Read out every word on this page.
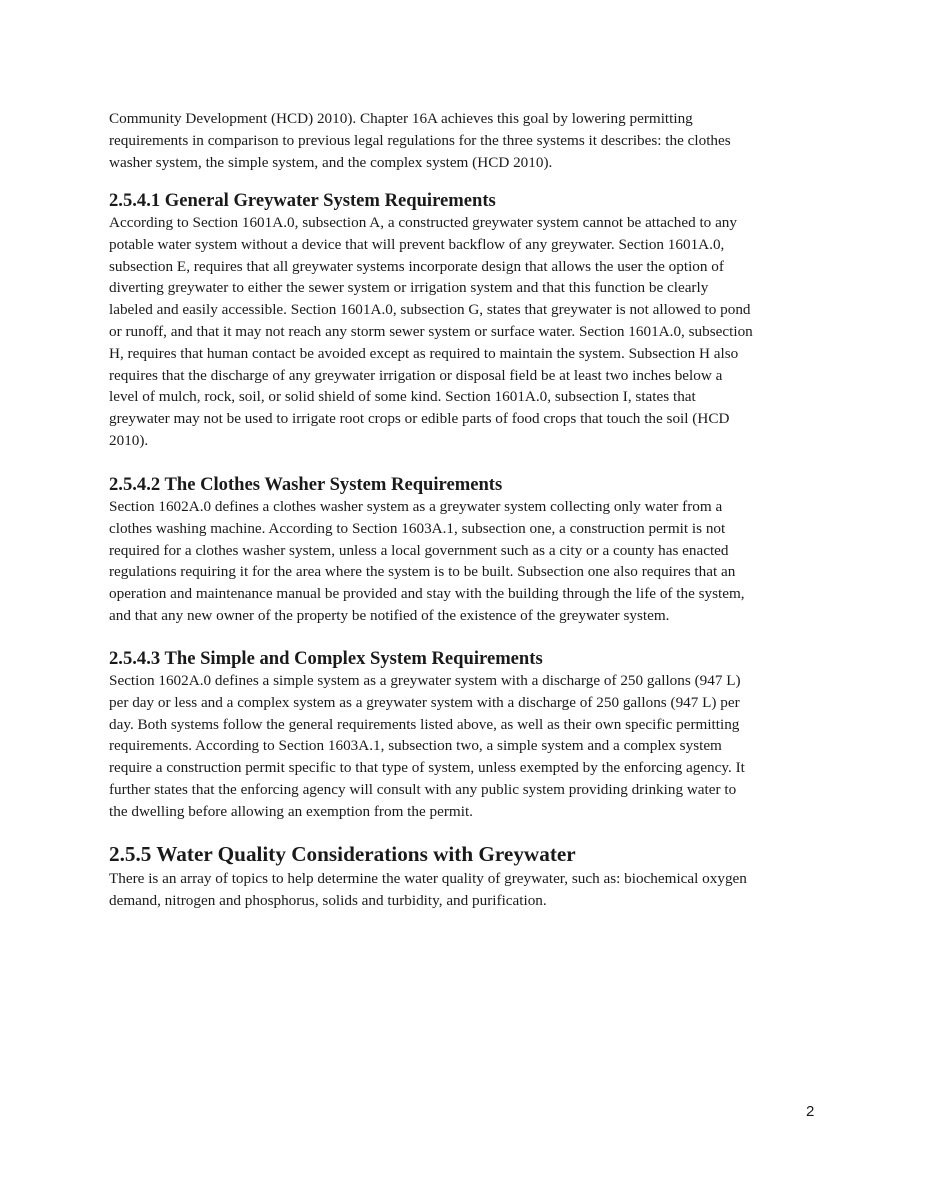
Community Development (HCD) 2010). Chapter 16A achieves this goal by lowering permitting
requirements in comparison to previous legal regulations for the three systems it describes: the clothes
washer system, the simple system, and the complex system (HCD 2010).
2.5.4.1 General Greywater System Requirements
According to Section 1601A.0, subsection A, a constructed greywater system cannot be attached to any
potable water system without a device that will prevent backflow of any greywater. Section 1601A.0,
subsection E, requires that all greywater systems incorporate design that allows the user the option of
diverting greywater to either the sewer system or irrigation system and that this function be clearly
labeled and easily accessible. Section 1601A.0, subsection G, states that greywater is not allowed to pond
or runoff, and that it may not reach any storm sewer system or surface water. Section 1601A.0, subsection
H, requires that human contact be avoided except as required to maintain the system. Subsection H also
requires that the discharge of any greywater irrigation or disposal field be at least two inches below a
level of mulch, rock, soil, or solid shield of some kind. Section 1601A.0, subsection I, states that
greywater may not be used to irrigate root crops or edible parts of food crops that touch the soil (HCD
2010).
2.5.4.2 The Clothes Washer System Requirements
Section 1602A.0 defines a clothes washer system as a greywater system collecting only water from a
clothes washing machine. According to Section 1603A.1, subsection one, a construction permit is not
required for a clothes washer system, unless a local government such as a city or a county has enacted
regulations requiring it for the area where the system is to be built. Subsection one also requires that an
operation and maintenance manual be provided and stay with the building through the life of the system,
and that any new owner of the property be notified of the existence of the greywater system.
2.5.4.3 The Simple and Complex System Requirements
Section 1602A.0 defines a simple system as a greywater system with a discharge of 250 gallons (947 L)
per day or less and a complex system as a greywater system with a discharge of 250 gallons (947 L) per
day. Both systems follow the general requirements listed above, as well as their own specific permitting
requirements. According to Section 1603A.1, subsection two, a simple system and a complex system
require a construction permit specific to that type of system, unless exempted by the enforcing agency. It
further states that the enforcing agency will consult with any public system providing drinking water to
the dwelling before allowing an exemption from the permit.
2.5.5 Water Quality Considerations with Greywater
There is an array of topics to help determine the water quality of greywater, such as: biochemical oxygen
demand, nitrogen and phosphorus, solids and turbidity, and purification.
2
